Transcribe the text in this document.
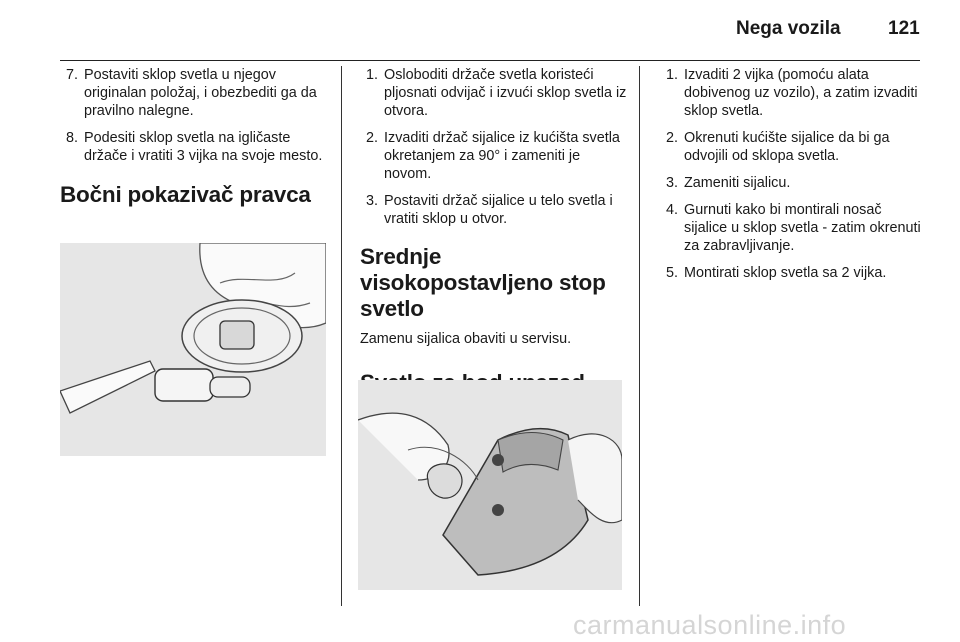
Nega vozila 121
7. Postaviti sklop svetla u njegov originalan položaj, i obezbediti ga da pravilno nalegne.
8. Podesiti sklop svetla na igličaste držače i vratiti 3 vijka na svoje mesto.
Bočni pokazivač pravca
1. Osloboditi držače svetla koristeći pljosnati odvijač i izvući sklop svetla iz otvora.
2. Izvaditi držač sijalice iz kućišta svetla okretanjem za 90° i zameniti je novom.
3. Postaviti držač sijalice u telo svetla i vratiti sklop u otvor.
Srednje visokopostavljeno stop svetlo

Zamenu sijalica obaviti u servisu.

1. Izvaditi 2 vijka (pomoću alata dobivenog uz vozilo), a zatim izvaditi sklop svetla.
2. Okrenuti kućište sijalice da bi ga odvojili od sklopa svetla.
3. Zameniti sijalicu.
4. Gurnuti kako bi montirali nosač sijalice u sklop svetla - zatim okrenuti za zabravljivanje.
5. Montirati sklop svetla sa 2 vijka.
carmanualsonline.info
